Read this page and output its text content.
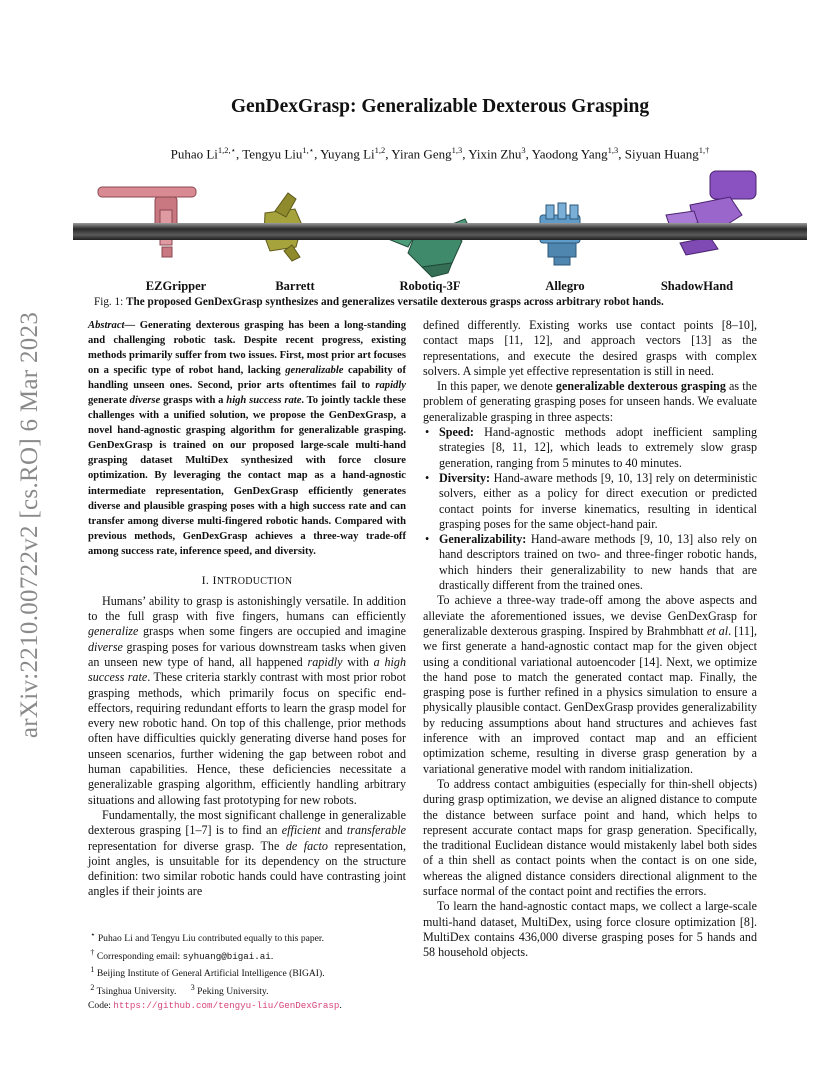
arXiv:2210.00722v2 [cs.RO] 6 Mar 2023
GenDexGrasp: Generalizable Dexterous Grasping
Puhao $Li^{1,2,⋆}$, Tengyu Liu$^{1,⋆}$, Yuyang Li$^{1,2}$, Yiran Geng$^{1,3}$, Yixin Zhu$^3$, Yaodong Yang$^{1,3}$, Siyuan Huang$^{1,\dagger}$
EZGripper	Barrett	Robotiq-3F	Allegro	ShadowHand
Fig. 1: The proposed GenDexGrasp synthesizes and generalizes versatile dexterous grasps across arbitrary robot hands.

Abstract— Generating dexterous grasping has been a long-standing and challenging robotic task. Despite recent progress, existing methods primarily suffer from two issues. First, most prior art focuses on a specific type of robot hand, lacking generalizable capability of handling unseen ones. Second, prior arts oftentimes fail to rapidly generate diverse grasps with a high success rate. To jointly tackle these challenges with a unified solution, we propose the GenDexGrasp, a novel hand-agnostic grasping algorithm for generalizable grasping. GenDexGrasp is trained on our proposed large-scale multi-hand grasping dataset MultiDex synthesized with force closure optimization. By leveraging the contact map as a hand-agnostic intermediate representation, GenDexGrasp efficiently generates diverse and plausible grasping poses with a high success rate and can transfer among diverse multi-fingered robotic hands. Compared with previous methods, GenDexGrasp achieves a three-way trade-off among success rate, inference speed, and diversity.

I. INTRODUCTION

Humans’ ability to grasp is astonishingly versatile. In addition to the full grasp with five fingers, humans can efficiently generalize grasps when some fingers are occupied and imagine diverse grasping poses for various downstream tasks when given an unseen new type of hand, all happened rapidly with a high success rate. These criteria starkly contrast with most prior robot grasping methods, which primarily focus on specific end-effectors, requiring redundant efforts to learn the grasp model for every new robotic hand. On top of this challenge, prior methods often have difficulties quickly generating diverse hand poses for unseen scenarios, further widening the gap between robot and human capabilities. Hence, these deficiencies necessitate a generalizable grasping algorithm, efficiently handling arbitrary situations and allowing fast prototyping for new robots.

Fundamentally, the most significant challenge in generalizable dexterous grasping [1–7] is to find an efficient and transferable representation for diverse grasp. The de facto representation, joint angles, is unsuitable for its dependency on the structure definition: two similar robotic hands could have contrasting joint angles if their joints are

defined differently. Existing works use contact points [8–10], contact maps [11, 12], and approach vectors [13] as the representations, and execute the desired grasps with complex solvers. A simple yet effective representation is still in need.

In this paper, we denote generalizable dexterous grasping as the problem of generating grasping poses for unseen hands. We evaluate generalizable grasping in three aspects:

• Speed: Hand-agnostic methods adopt inefficient sampling strategies [8, 11, 12], which leads to extremely slow grasp generation, ranging from 5 minutes to 40 minutes.
• Diversity: Hand-aware methods [9, 10, 13] rely on deterministic solvers, either as a policy for direct execution or predicted contact points for inverse kinematics, resulting in identical grasping poses for the same object-hand pair.
• Generalizability: Hand-aware methods [9, 10, 13] also rely on hand descriptors trained on two- and three-finger robotic hands, which hinders their generalizability to new hands that are drastically different from the trained ones.

To achieve a three-way trade-off among the above aspects and alleviate the aforementioned issues, we devise GenDexGrasp for generalizable dexterous grasping. Inspired by Brahmbhatt et al. [11], we first generate a hand-agnostic contact map for the given object using a conditional variational autoencoder [14]. Next, we optimize the hand pose to match the generated contact map. Finally, the grasping pose is further refined in a physics simulation to ensure a physically plausible contact. GenDexGrasp provides generalizability by reducing assumptions about hand structures and achieves fast inference with an improved contact map and an efficient optimization scheme, resulting in diverse grasp generation by a variational generative model with random initialization.

To address contact ambiguities (especially for thin-shell objects) during grasp optimization, we devise an aligned distance to compute the distance between surface point and hand, which helps to represent accurate contact maps for grasp generation. Specifically, the traditional Euclidean distance would mistakenly label both sides of a thin shell as contact points when the contact is on one side, whereas the aligned distance considers directional alignment to the surface normal of the contact point and rectifies the errors.

To learn the hand-agnostic contact maps, we collect a large-scale multi-hand dataset, MultiDex, using force closure optimization [8]. MultiDex contains 436,000 diverse grasping poses for 5 hands and 58 household objects.

⋆ Puhao Li and Tengyu Liu contributed equally to this paper.
† Corresponding email: syhuang@bigai.ai.
$^1$ Beijing Institute of General Artificial Intelligence (BIGAI).
$^2$ Tsinghua University. $^3$ Peking University.
Code: https://github.com/tengyu-liu/GenDexGrasp.
